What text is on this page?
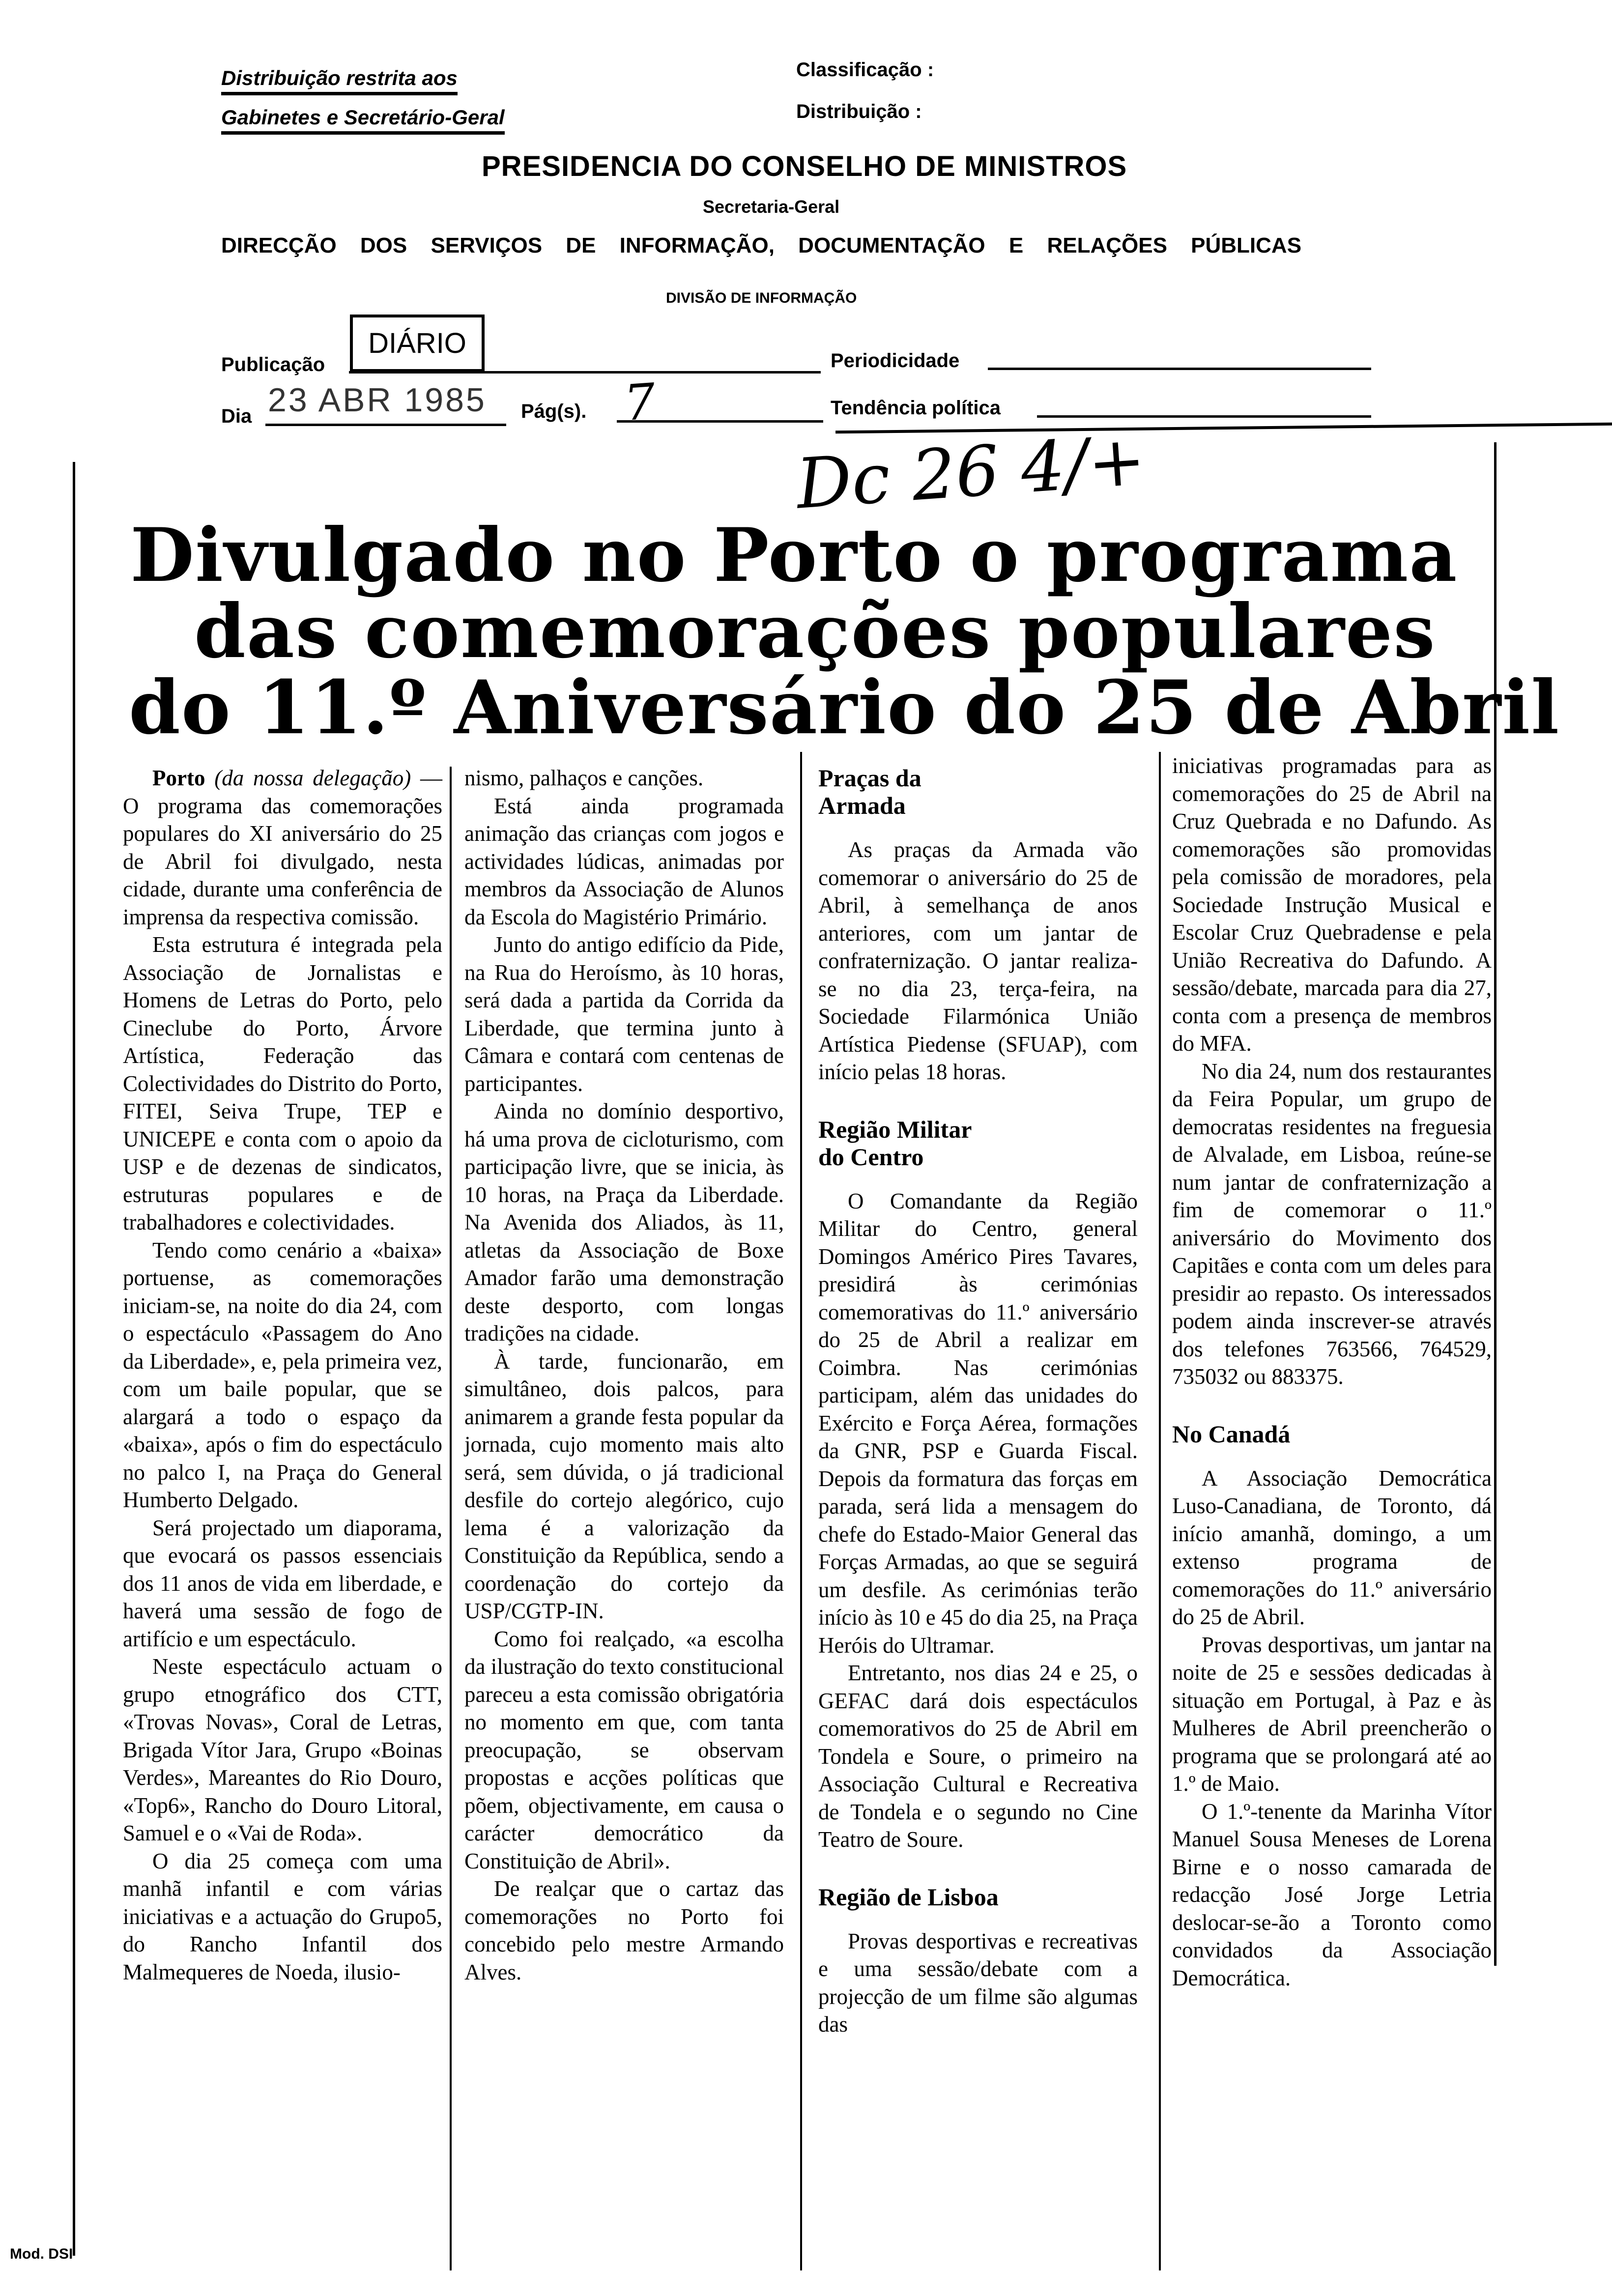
Distribuição restrita aos
Gabinetes e Secretário-Geral
Classificação :
Distribuição :
PRESIDENCIA DO CONSELHO DE MINISTROS
Secretaria-Geral
DIRECÇÃO DOS SERVIÇOS DE INFORMAÇÃO, DOCUMENTAÇÃO E RELAÇÕES PÚBLICAS
DIVISÃO DE INFORMAÇÃO
Publicação
DIÁRIO
Periodicidade
Dia 23 ABR 1985 Pág(s). 7	Tendência política
Dc 26 4/+
Divulgado no Porto o programa
das comemorações populares
do 11.º Aniversário do 25 de Abril

Porto (da nossa delegação) — O programa das comemorações populares do XI aniversário do 25 de Abril foi divulgado, nesta cidade, durante uma conferência de imprensa da respectiva comissão.

Esta estrutura é integrada pela Associação de Jornalistas e Homens de Letras do Porto, pelo Cineclube do Porto, Árvore Artística, Federação das Colectividades do Distrito do Porto, FITEI, Seiva Trupe, TEP e UNICEPE e conta com o apoio da USP e de dezenas de sindicatos, estruturas populares e de trabalhadores e colectividades.

Tendo como cenário a «baixa» portuense, as comemorações iniciam-se, na noite do dia 24, com o espectáculo «Passagem do Ano da Liberdade», e, pela primeira vez, com um baile popular, que se alargará a todo o espaço da «baixa», após o fim do espectáculo no palco I, na Praça do General Humberto Delgado.

Será projectado um diaporama, que evocará os passos essenciais dos 11 anos de vida em liberdade, e haverá uma sessão de fogo de artifício e um espectáculo.

Neste espectáculo actuam o grupo etnográfico dos CTT, «Trovas Novas», Coral de Letras, Brigada Vítor Jara, Grupo «Boinas Verdes», Mareantes do Rio Douro, «Top6», Rancho do Douro Litoral, Samuel e o «Vai de Roda».

O dia 25 começa com uma manhã infantil e com várias iniciativas e a actuação do Grupo5, do Rancho Infantil dos Malmequeres de Noeda, ilusio-

nismo, palhaços e canções.

Está ainda programada animação das crianças com jogos e actividades lúdicas, animadas por membros da Associação de Alunos da Escola do Magistério Primário.

Junto do antigo edifício da Pide, na Rua do Heroísmo, às 10 horas, será dada a partida da Corrida da Liberdade, que termina junto à Câmara e contará com centenas de participantes.

Ainda no domínio desportivo, há uma prova de cicloturismo, com participação livre, que se inicia, às 10 horas, na Praça da Liberdade. Na Avenida dos Aliados, às 11, atletas da Associação de Boxe Amador farão uma demonstração deste desporto, com longas tradições na cidade.

À tarde, funcionarão, em simultâneo, dois palcos, para animarem a grande festa popular da jornada, cujo momento mais alto será, sem dúvida, o já tradicional desfile do cortejo alegórico, cujo lema é a valorização da Constituição da República, sendo a coordenação do cortejo da USP/CGTP-IN.

Como foi realçado, «a escolha da ilustração do texto constitucional pareceu a esta comissão obrigatória no momento em que, com tanta preocupação, se observam propostas e acções políticas que põem, objectivamente, em causa o carácter democrático da Constituição de Abril».

De realçar que o cartaz das comemorações no Porto foi concebido pelo mestre Armando Alves.

Praças da Armada

As praças da Armada vão comemorar o aniversário do 25 de Abril, à semelhança de anos anteriores, com um jantar de confraternização. O jantar realiza-se no dia 23, terça-feira, na Sociedade Filarmónica União Artística Piedense (SFUAP), com início pelas 18 horas.

Região Militar do Centro

O Comandante da Região Militar do Centro, general Domingos Américo Pires Tavares, presidirá às cerimónias comemorativas do 11.º aniversário do 25 de Abril a realizar em Coimbra. Nas cerimónias participam, além das unidades do Exército e Força Aérea, formações da GNR, PSP e Guarda Fiscal. Depois da formatura das forças em parada, será lida a mensagem do chefe do Estado-Maior General das Forças Armadas, ao que se seguirá um desfile. As cerimónias terão início às 10 e 45 do dia 25, na Praça Heróis do Ultramar.

Entretanto, nos dias 24 e 25, o GEFAC dará dois espectáculos comemorativos do 25 de Abril em Tondela e Soure, o primeiro na Associação Cultural e Recreativa de Tondela e o segundo no Cine Teatro de Soure.

Região de Lisboa

Provas desportivas e recreativas e uma sessão/debate com a projecção de um filme são algumas das

iniciativas programadas para as comemorações do 25 de Abril na Cruz Quebrada e no Dafundo. As comemorações são promovidas pela comissão de moradores, pela Sociedade Instrução Musical e Escolar Cruz Quebradense e pela União Recreativa do Dafundo. A sessão/debate, marcada para dia 27, conta com a presença de membros do MFA.

No dia 24, num dos restaurantes da Feira Popular, um grupo de democratas residentes na freguesia de Alvalade, em Lisboa, reúne-se num jantar de confraternização a fim de comemorar o 11.º aniversário do Movimento dos Capitães e conta com um deles para presidir ao repasto. Os interessados podem ainda inscrever-se através dos telefones 763566, 764529, 735032 ou 883375.

No Canadá

A Associação Democrática Luso-Canadiana, de Toronto, dá início amanhã, domingo, a um extenso programa de comemorações do 11.º aniversário do 25 de Abril.

Provas desportivas, um jantar na noite de 25 e sessões dedicadas à situação em Portugal, à Paz e às Mulheres de Abril preencherão o programa que se prolongará até ao 1.º de Maio.

O 1.º-tenente da Marinha Vítor Manuel Sousa Meneses de Lorena Birne e o nosso camarada de redacção José Jorge Letria deslocar-se-ão a Toronto como convidados da Associação Democrática.

Mod. DSI
